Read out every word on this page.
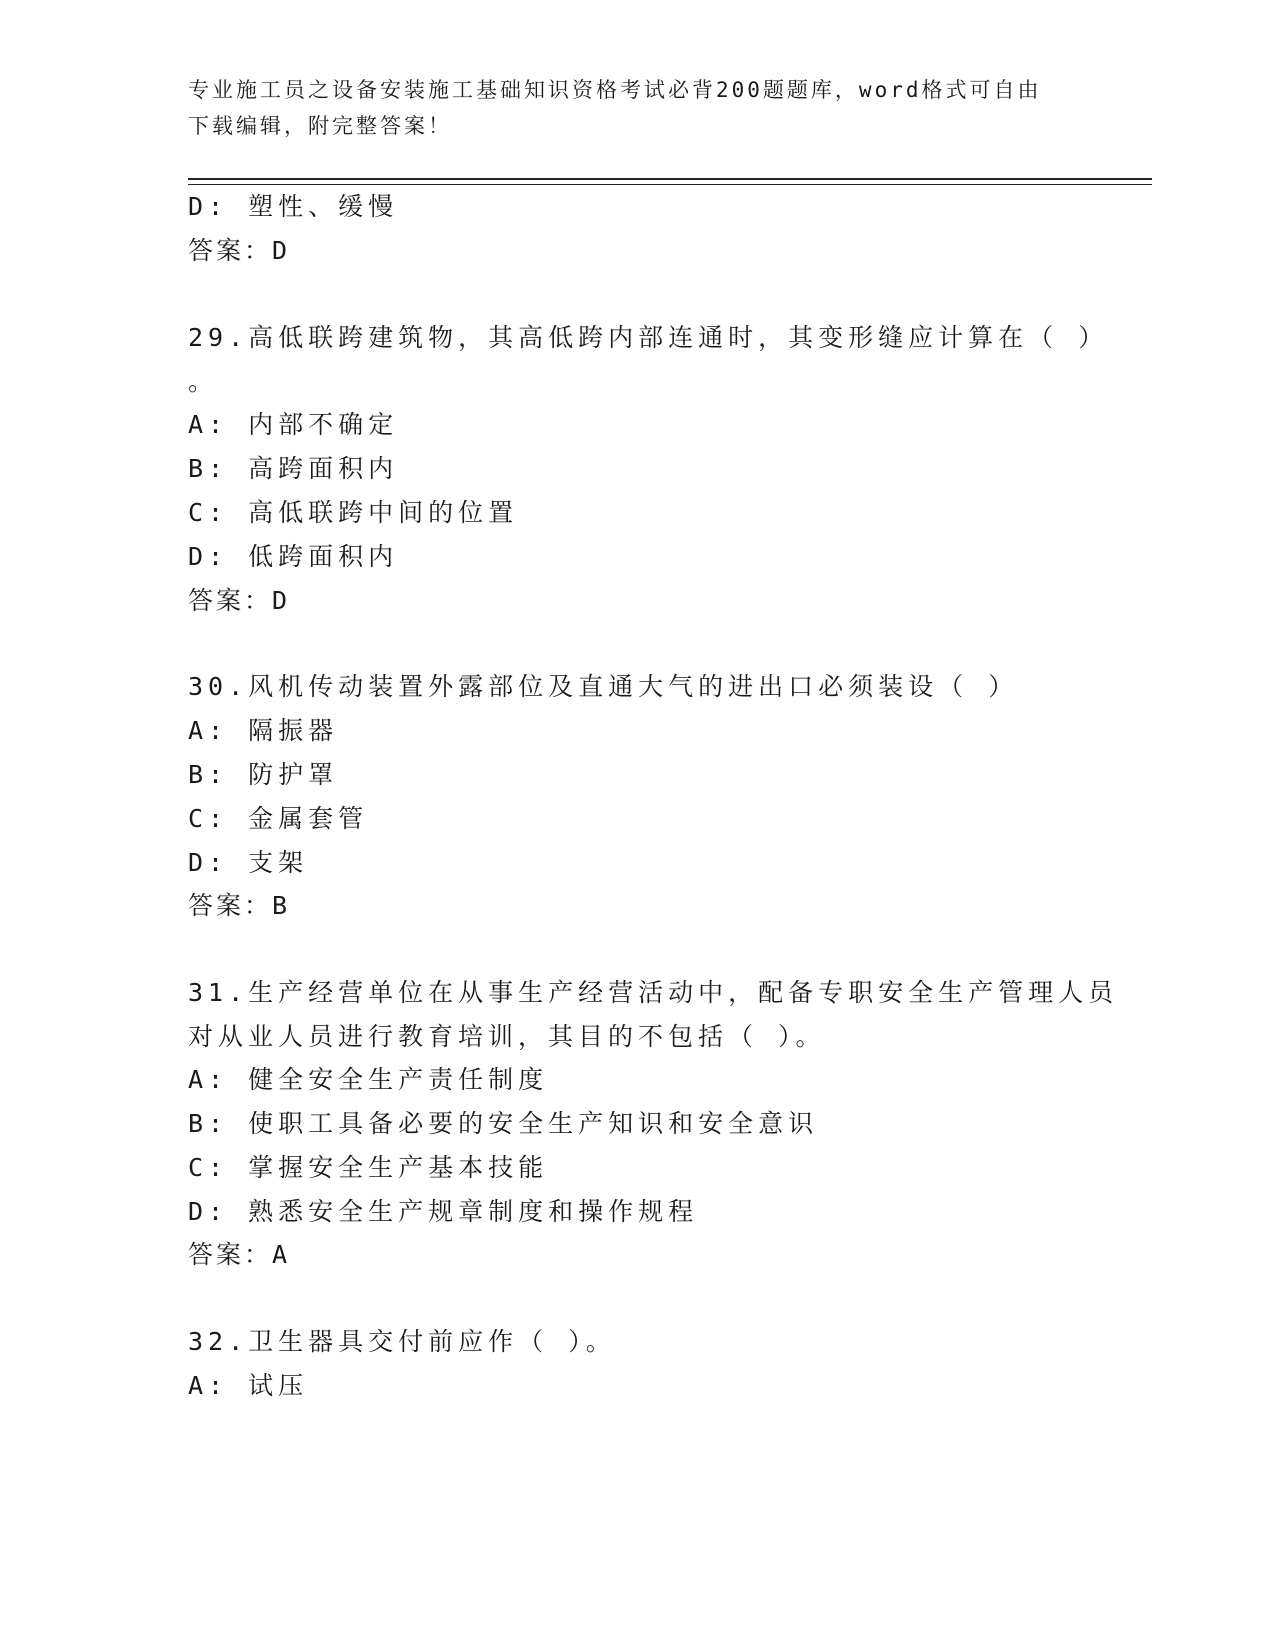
专业施工员之设备安装施工基础知识资格考试必背200题题库，word格式可自由
下载编辑，附完整答案！
D: 塑性、缓慢
答案：D
29.高低联跨建筑物，其高低跨内部连通时，其变形缝应计算在（ ）
。
A: 内部不确定
B: 高跨面积内
C: 高低联跨中间的位置
D: 低跨面积内
答案：D
30.风机传动装置外露部位及直通大气的进出口必须装设（ ）
A: 隔振器
B: 防护罩
C: 金属套管
D: 支架
答案：B
31.生产经营单位在从事生产经营活动中，配备专职安全生产管理人员
对从业人员进行教育培训，其目的不包括（ ）。
A: 健全安全生产责任制度
B: 使职工具备必要的安全生产知识和安全意识
C: 掌握安全生产基本技能
D: 熟悉安全生产规章制度和操作规程
答案：A
32.卫生器具交付前应作（ ）。
A: 试压
